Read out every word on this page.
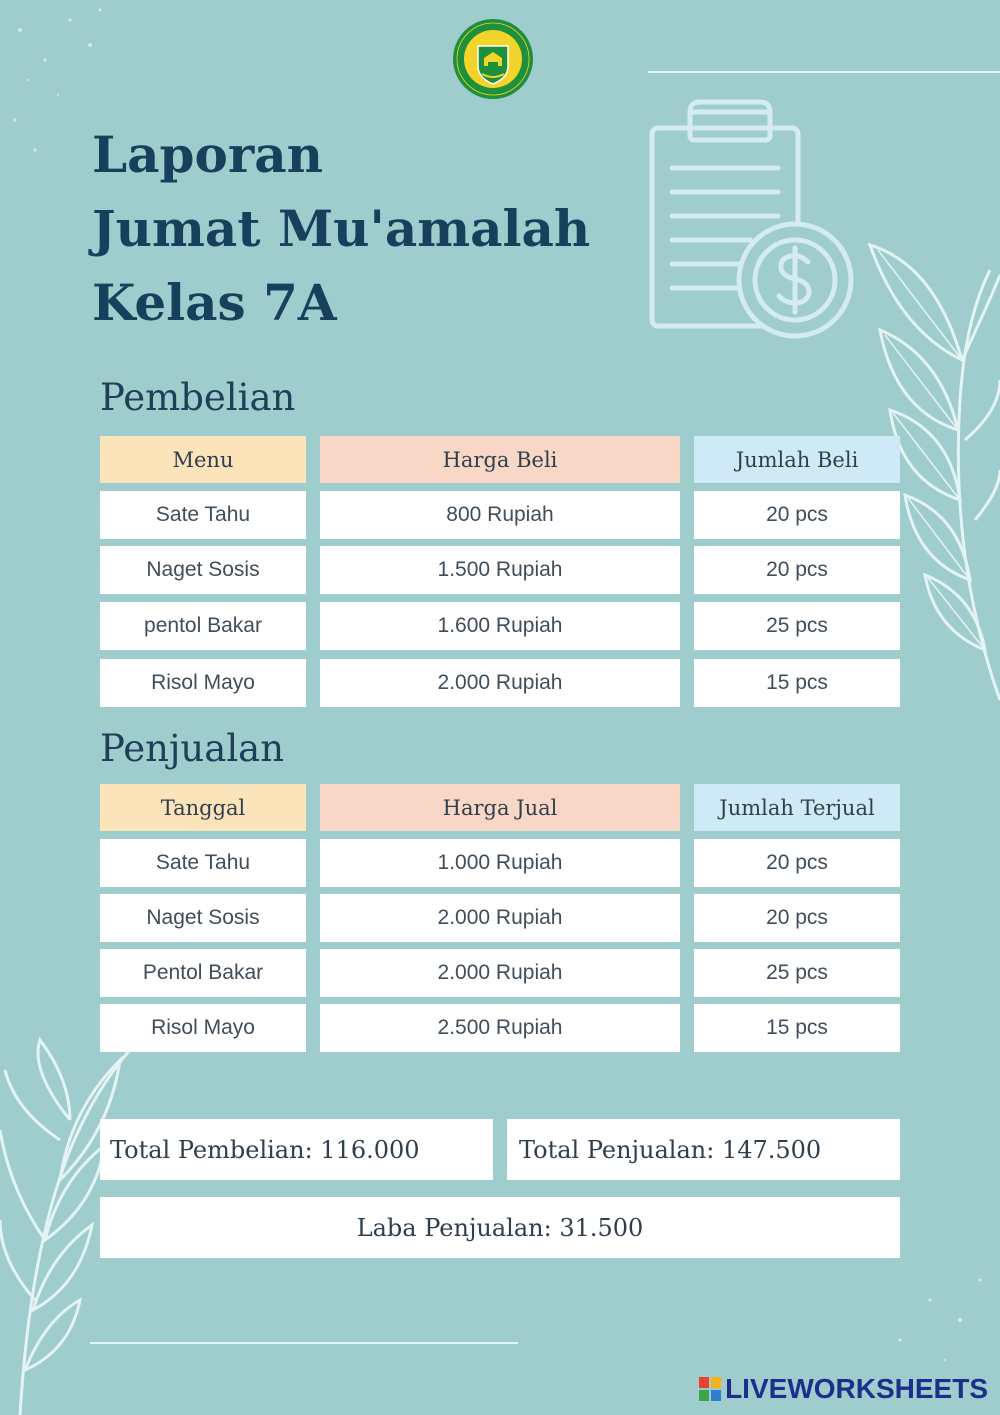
Laporan
Jumat Mu'amalah
Kelas 7A
Pembelian
Menu	Harga Beli	Jumlah Beli
Sate Tahu	800 Rupiah	20 pcs
Naget Sosis	1.500 Rupiah	20 pcs
pentol Bakar	1.600 Rupiah	25 pcs
Risol Mayo	2.000 Rupiah	15 pcs
Penjualan
Tanggal	Harga Jual	Jumlah Terjual
Sate Tahu	1.000 Rupiah	20 pcs
Naget Sosis	2.000 Rupiah	20 pcs
Pentol Bakar	2.000 Rupiah	25 pcs
Risol Mayo	2.500 Rupiah	15 pcs
Total Pembelian: 116.000	Total Penjualan: 147.500
Laba Penjualan: 31.500
LIVEWORKSHEETS
